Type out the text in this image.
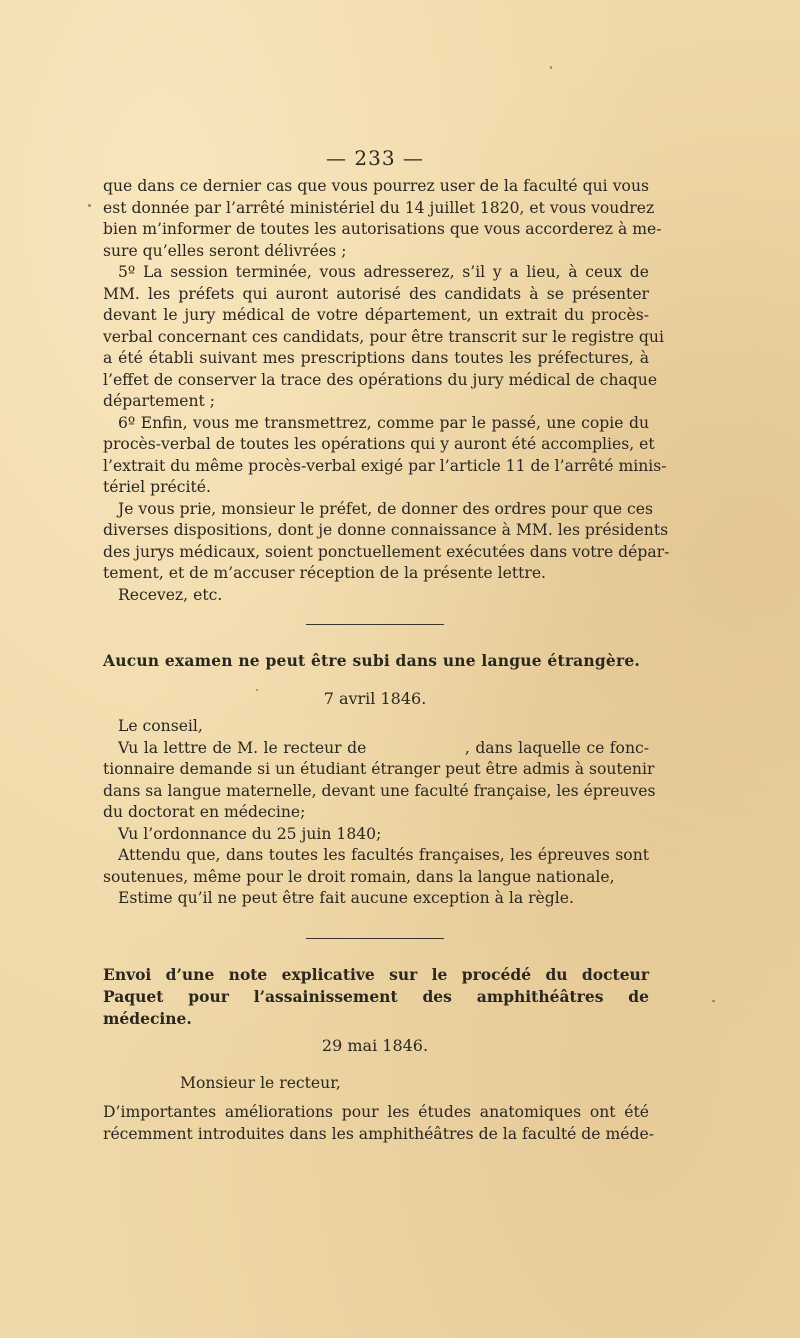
— 233 —
que dans ce dernier cas que vous pourrez user de la faculté qui vous
est donnée par l’arrêté ministériel du 14 juillet 1820, et vous voudrez
bien m’informer de toutes les autorisations que vous accorderez à me-
sure qu’elles seront délivrées ;
5º La session terminée, vous adresserez, s’il y a lieu, à ceux de
MM. les préfets qui auront autorisé des candidats à se présenter
devant le jury médical de votre département, un extrait du procès-
verbal concernant ces candidats, pour être transcrit sur le registre qui
a été établi suivant mes prescriptions dans toutes les préfectures, à
l’effet de conserver la trace des opérations du jury médical de chaque
département ;
6º Enfin, vous me transmettrez, comme par le passé, une copie du
procès-verbal de toutes les opérations qui y auront été accomplies, et
l’extrait du même procès-verbal exigé par l’article 11 de l’arrêté minis-
tériel précité.
Je vous prie, monsieur le préfet, de donner des ordres pour que ces
diverses dispositions, dont je donne connaissance à MM. les présidents
des jurys médicaux, soient ponctuellement exécutées dans votre dépar-
tement, et de m’accuser réception de la présente lettre.
Recevez, etc.
Aucun examen ne peut être subi dans une langue étrangère.
7 avril 1846.
Le conseil,
Vu la lettre de M. le recteur de                  , dans laquelle ce fonc-
tionnaire demande si un étudiant étranger peut être admis à soutenir
dans sa langue maternelle, devant une faculté française, les épreuves
du doctorat en médecine;
Vu l’ordonnance du 25 juin 1840;
Attendu que, dans toutes les facultés françaises, les épreuves sont
soutenues, même pour le droit romain, dans la langue nationale,
Estime qu’il ne peut être fait aucune exception à la règle.
Envoi d’une note explicative sur le procédé du docteur
Paquet pour l’assainissement des amphithéâtres de
médecine.
29 mai 1846.
Monsieur le recteur,
D’importantes améliorations pour les études anatomiques ont été
récemment introduites dans les amphithéâtres de la faculté de méde-
